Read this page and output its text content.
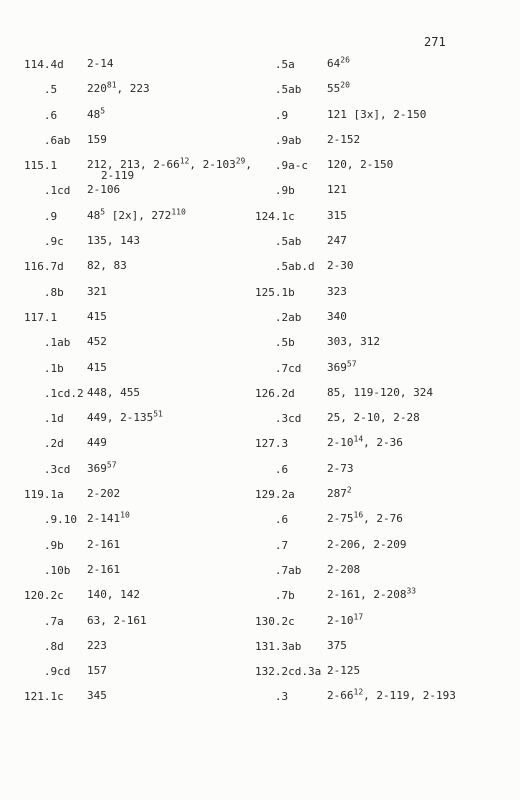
271
114.4d 2-14
.5	$220^{81}$, 223
.6	$48^5$
.6ab 159
115.1	212, 213, $2-66^{12}$, $2-103^{29}$,
2-119
.1cd 2-106
.9	$48^5$ [2x], $272^{110}$
.9c 135, 143
116.7d 82, 83
.8b 321
117.1	415
.1ab 452
.1b 415
.1cd.2 448, 455
.1d 449, $2-135^{51}$
.2d 449
.3cd $369^{57}$
119.1a 2-202
.9.10 $2-141^{10}$
.9b 2-161
.10b 2-161
120.2c 140, 142
.7a 63, 2-161
.8d 223
.9cd 157
121.1c 345
.5a	$64^{26}$
.5ab $55^{20}$
.9	121 [3x], 2-150
.9ab 2-152
.9a-c 120, 2-150
.9b	121
124.1c	315
.5ab 247
.5ab.d 2-30
125.1b	323
.2ab 340
.5b	303, 312
.7cd $369^{57}$
126.2d	85, 119-120, 324
.3cd 25, 2-10, 2-28
127.3	$2-10^{14}$, 2-36
.6	2-73
129.2a	$287^2$
.6	$2-75^{16}$, 2-76
.7	2-206, 2-209
.7ab 2-208
.7b	2-161, $2-208^{33}$
130.2c	$2-10^{17}$
131.3ab 375
132.2cd.3a 2-125
.3	$2-66^{12}$, 2-119, 2-193
